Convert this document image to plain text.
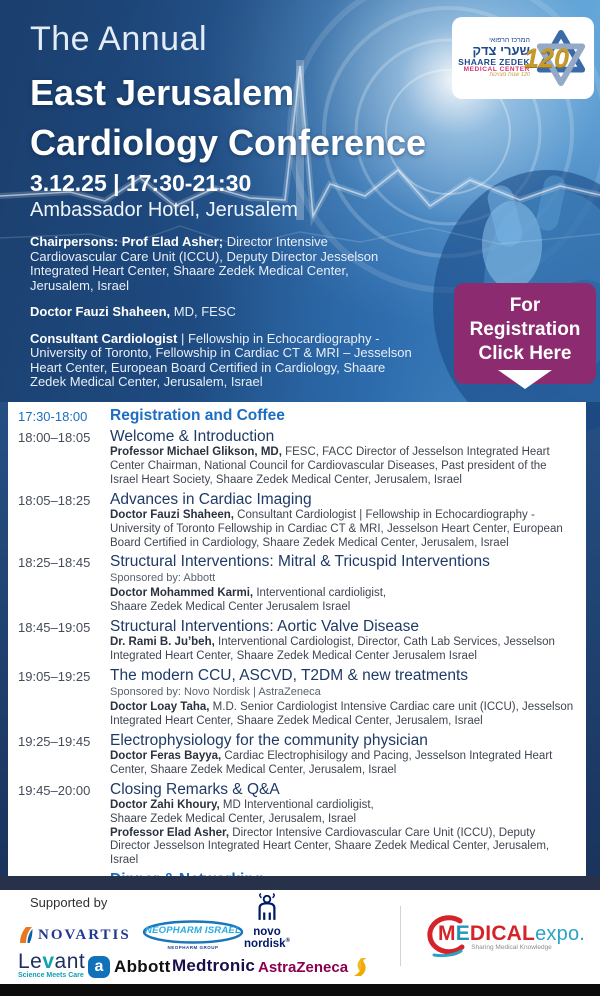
The Annual
East Jerusalem
Cardiology Conference
3.12.25 | 17:30-21:30
Ambassador Hotel, Jerusalem

Chairpersons: Prof Elad Asher; Director Intensive Cardiovascular Care Unit (ICCU), Deputy Director Jesselson Integrated Heart Center, Shaare Zedek Medical Center, Jerusalem, Israel

Doctor Fauzi Shaheen, MD, FESC

Consultant Cardiologist | Fellowship in Echocardiography - University of Toronto, Fellowship in Cardiac CT & MRI – Jesselson Heart Center, European Board Certified in Cardiology, Shaare Zedek Medical Center, Jerusalem, Israel

המרכז הרפואי
שערי צדק
SHAARE ZEDEK
MEDICAL CENTER
120 שנות מצוינות
120
For
Registration
Click Here
17:30-18:00	Registration and Coffee
18:00–18:05	Welcome & Introduction
Professor Michael Glikson, MD, FESC, FACC Director of Jesselson Integrated Heart Center Chairman, National Council for Cardiovascular Diseases, Past president of the Israel Heart Society, Shaare Zedek Medical Center, Jerusalem, Israel
18:05–18:25	Advances in Cardiac Imaging
Doctor Fauzi Shaheen, Consultant Cardiologist | Fellowship in Echocardiography - University of Toronto Fellowship in Cardiac CT & MRI, Jesselson Heart Center, European Board Certified in Cardiology, Shaare Zedek Medical Center, Jerusalem, Israel
18:25–18:45	Structural Interventions: Mitral & Tricuspid Interventions
Sponsored by: Abbott
Doctor Mohammed Karmi, Interventional cardioligist,
Shaare Zedek Medical Center Jerusalem Israel
18:45–19:05	Structural Interventions: Aortic Valve Disease
Dr. Rami B. Ju’beh, Interventional Cardiologist, Director, Cath Lab Services, Jesselson Integrated Heart Center, Shaare Zedek Medical Center Jerusalem Israel
19:05–19:25	The modern CCU, ASCVD, T2DM & new treatments
Sponsored by: Novo Nordisk | AstraZeneca
Doctor Loay Taha, M.D. Senior Cardiologist Intensive Cardiac care unit (ICCU), Jesselson Integrated Heart Center, Shaare Zedek Medical Center, Jerusalem, Israel
19:25–19:45	Electrophysiology for the community physician
Doctor Feras Bayya, Cardiac Electrophisilogy and Pacing, Jesselson Integrated Heart Center, Shaare Zedek Medical Center, Jerusalem, Israel
19:45–20:00	Closing Remarks & Q&A
Doctor Zahi Khoury, MD Interventional cardioligist,
Shaare Zedek Medical Center, Jerusalem, Israel
Professor Elad Asher, Director Intensive Cardiovascular Care Unit (ICCU), Deputy Director Jesselson Integrated Heart Center, Shaare Zedek Medical Center, Jerusalem, Israel
Supported by
NOVARTIS	NEOPHARM ISRAEL
NEOPHARM GROUP
novo nordisk®
Levant
Science Meets Care
a Abbott Medtronic AstraZeneca
MEDICALexpo.
Sharing Medical Knowledge
